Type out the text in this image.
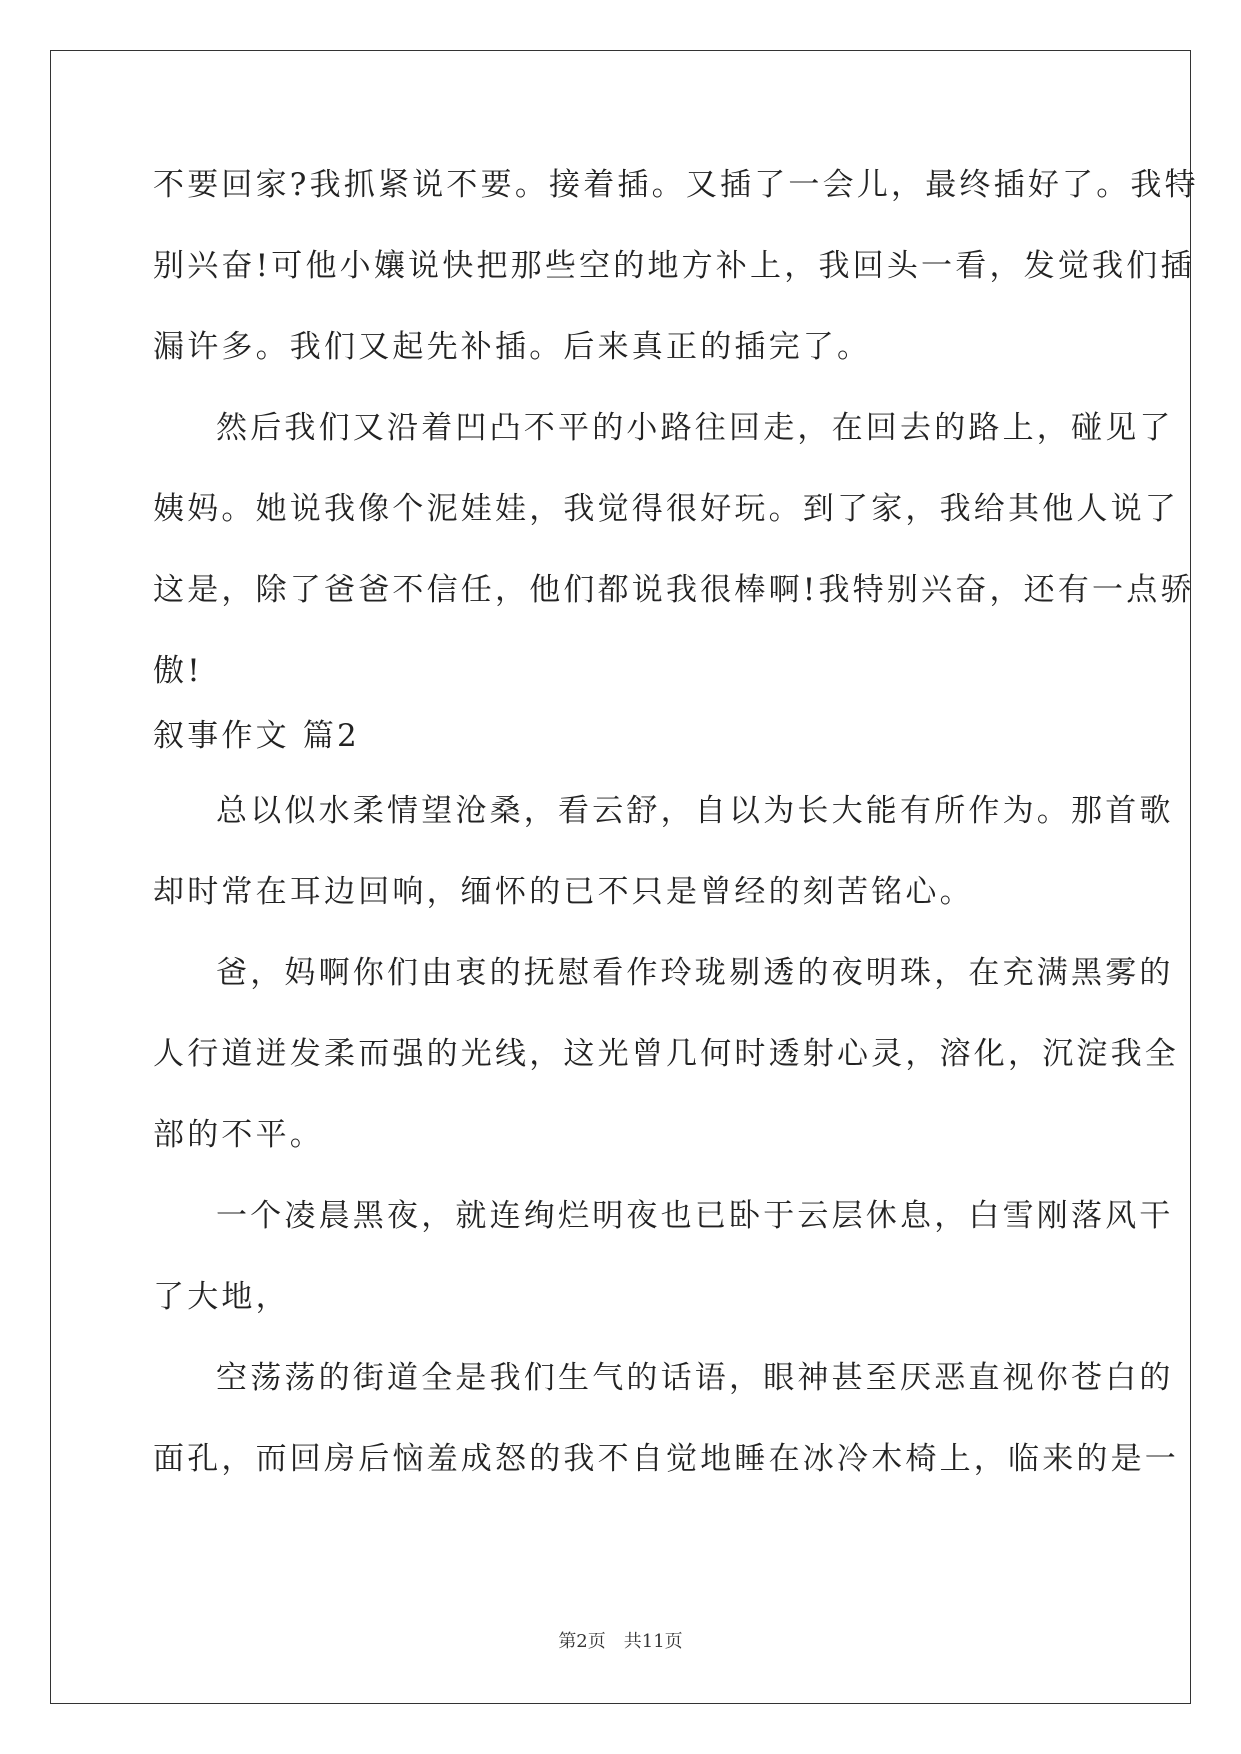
不要回家?我抓紧说不要。接着插。又插了一会儿，最终插好了。我特
别兴奋!可他小孃说快把那些空的地方补上，我回头一看，发觉我们插
漏许多。我们又起先补插。后来真正的插完了。
然后我们又沿着凹凸不平的小路往回走，在回去的路上，碰见了
姨妈。她说我像个泥娃娃，我觉得很好玩。到了家，我给其他人说了
这是，除了爸爸不信任，他们都说我很棒啊!我特别兴奋，还有一点骄
傲!
叙事作文 篇2
总以似水柔情望沧桑，看云舒，自以为长大能有所作为。那首歌
却时常在耳边回响，缅怀的已不只是曾经的刻苦铭心。
爸，妈啊你们由衷的抚慰看作玲珑剔透的夜明珠，在充满黑雾的
人行道迸发柔而强的光线，这光曾几何时透射心灵，溶化，沉淀我全
部的不平。
一个凌晨黑夜，就连绚烂明夜也已卧于云层休息，白雪刚落风干
了大地，
空荡荡的街道全是我们生气的话语，眼神甚至厌恶直视你苍白的
面孔，而回房后恼羞成怒的我不自觉地睡在冰冷木椅上，临来的是一
第2页　共11页
